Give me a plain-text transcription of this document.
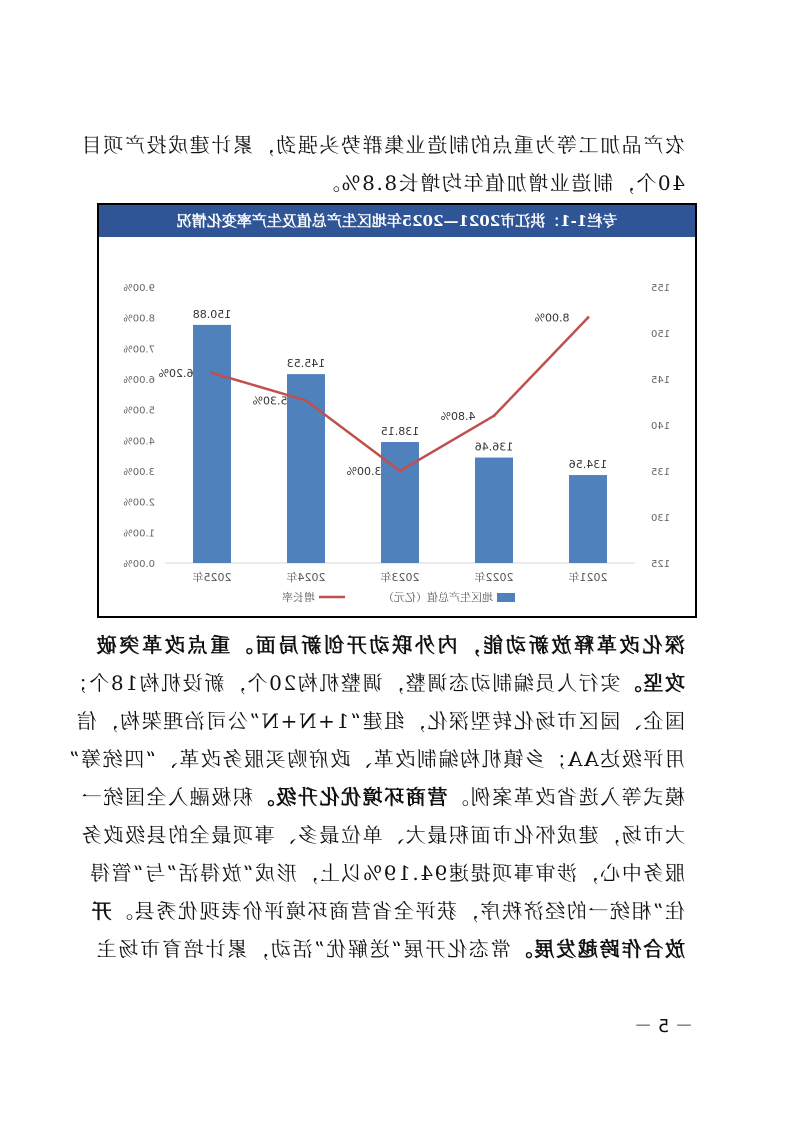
农产品加工等为重点的制造业集群势头强劲，累计建成投产项目
40个，制造业增加值年均增长8.8%。
专栏1-1：洪江市2021—2025年地区生产总值及生产率变化情况
125
130
135
140
145
150
155
0.00%
1.00%
2.00%
3.00%
4.00%
5.00%
6.00%
7.00%
8.00%
9.00%
134.56
136.46
138.15
145.53
150.88
2021年
2022年
2023年
2024年
2025年
8.00%
4.80%
3.00%
5.30%
6.20%
地区生产总值（亿元）
增长率
深化改革释放新动能，内外联动开创新局面。重点改革突破
攻坚。实行人员编制动态调整，调整机构20个，新设机构18个；
国企、园区市场化转型深化，组建“1+N+N”公司治理架构，信
用评级达AA；乡镇机构编制改革、政府购买服务改革、“四统筹”
模式等入选省改革案例。营商环境优化升级。积极融入全国统一
大市场，建成怀化市面积最大、单位最多、事项最全的县级政务
服务中心，涉审事项提速94.19%以上，形成“放得活”与“管得
住”相统一的经济秩序，获评全省营商环境评价表现优秀县。开
放合作跨越发展。常态化开展“送解优”活动，累计培育市场主
－ 5 －
